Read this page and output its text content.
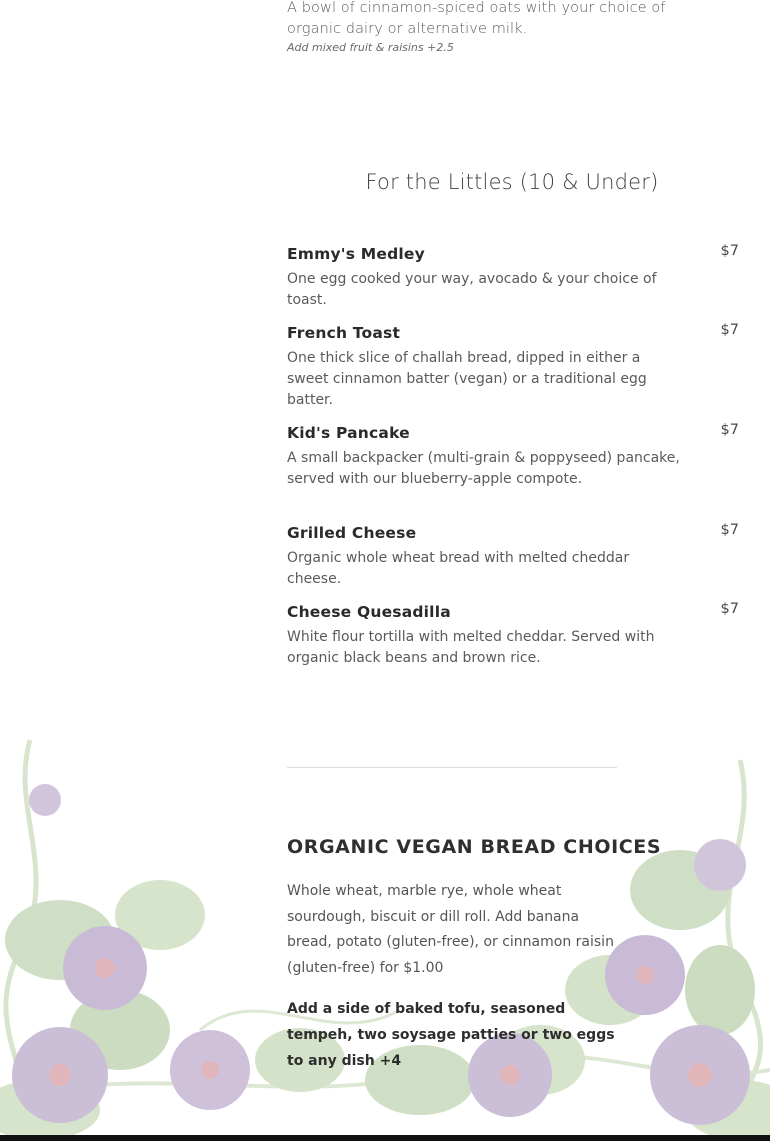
A bowl of cinnamon-spiced oats with your choice of organic dairy or alternative milk.
Add mixed fruit & raisins +2.5
For the Littles (10 & Under)
Emmy's Medley	$7
One egg cooked your way, avocado & your choice of toast.
French Toast	$7
One thick slice of challah bread, dipped in either a sweet cinnamon batter (vegan) or a traditional egg batter.
Kid's Pancake	$7
A small backpacker (multi-grain & poppyseed) pancake, served with our blueberry-apple compote.
Grilled Cheese	$7
Organic whole wheat bread with melted cheddar cheese.
Cheese Quesadilla	$7
White flour tortilla with melted cheddar. Served with organic black beans and brown rice.
ORGANIC VEGAN BREAD CHOICES
Whole wheat, marble rye, whole wheat sourdough, biscuit or dill roll. Add banana bread, potato (gluten-free), or cinnamon raisin (gluten-free) for $1.00
Add a side of baked tofu, seasoned tempeh, two soysage patties or two eggs to any dish +4
